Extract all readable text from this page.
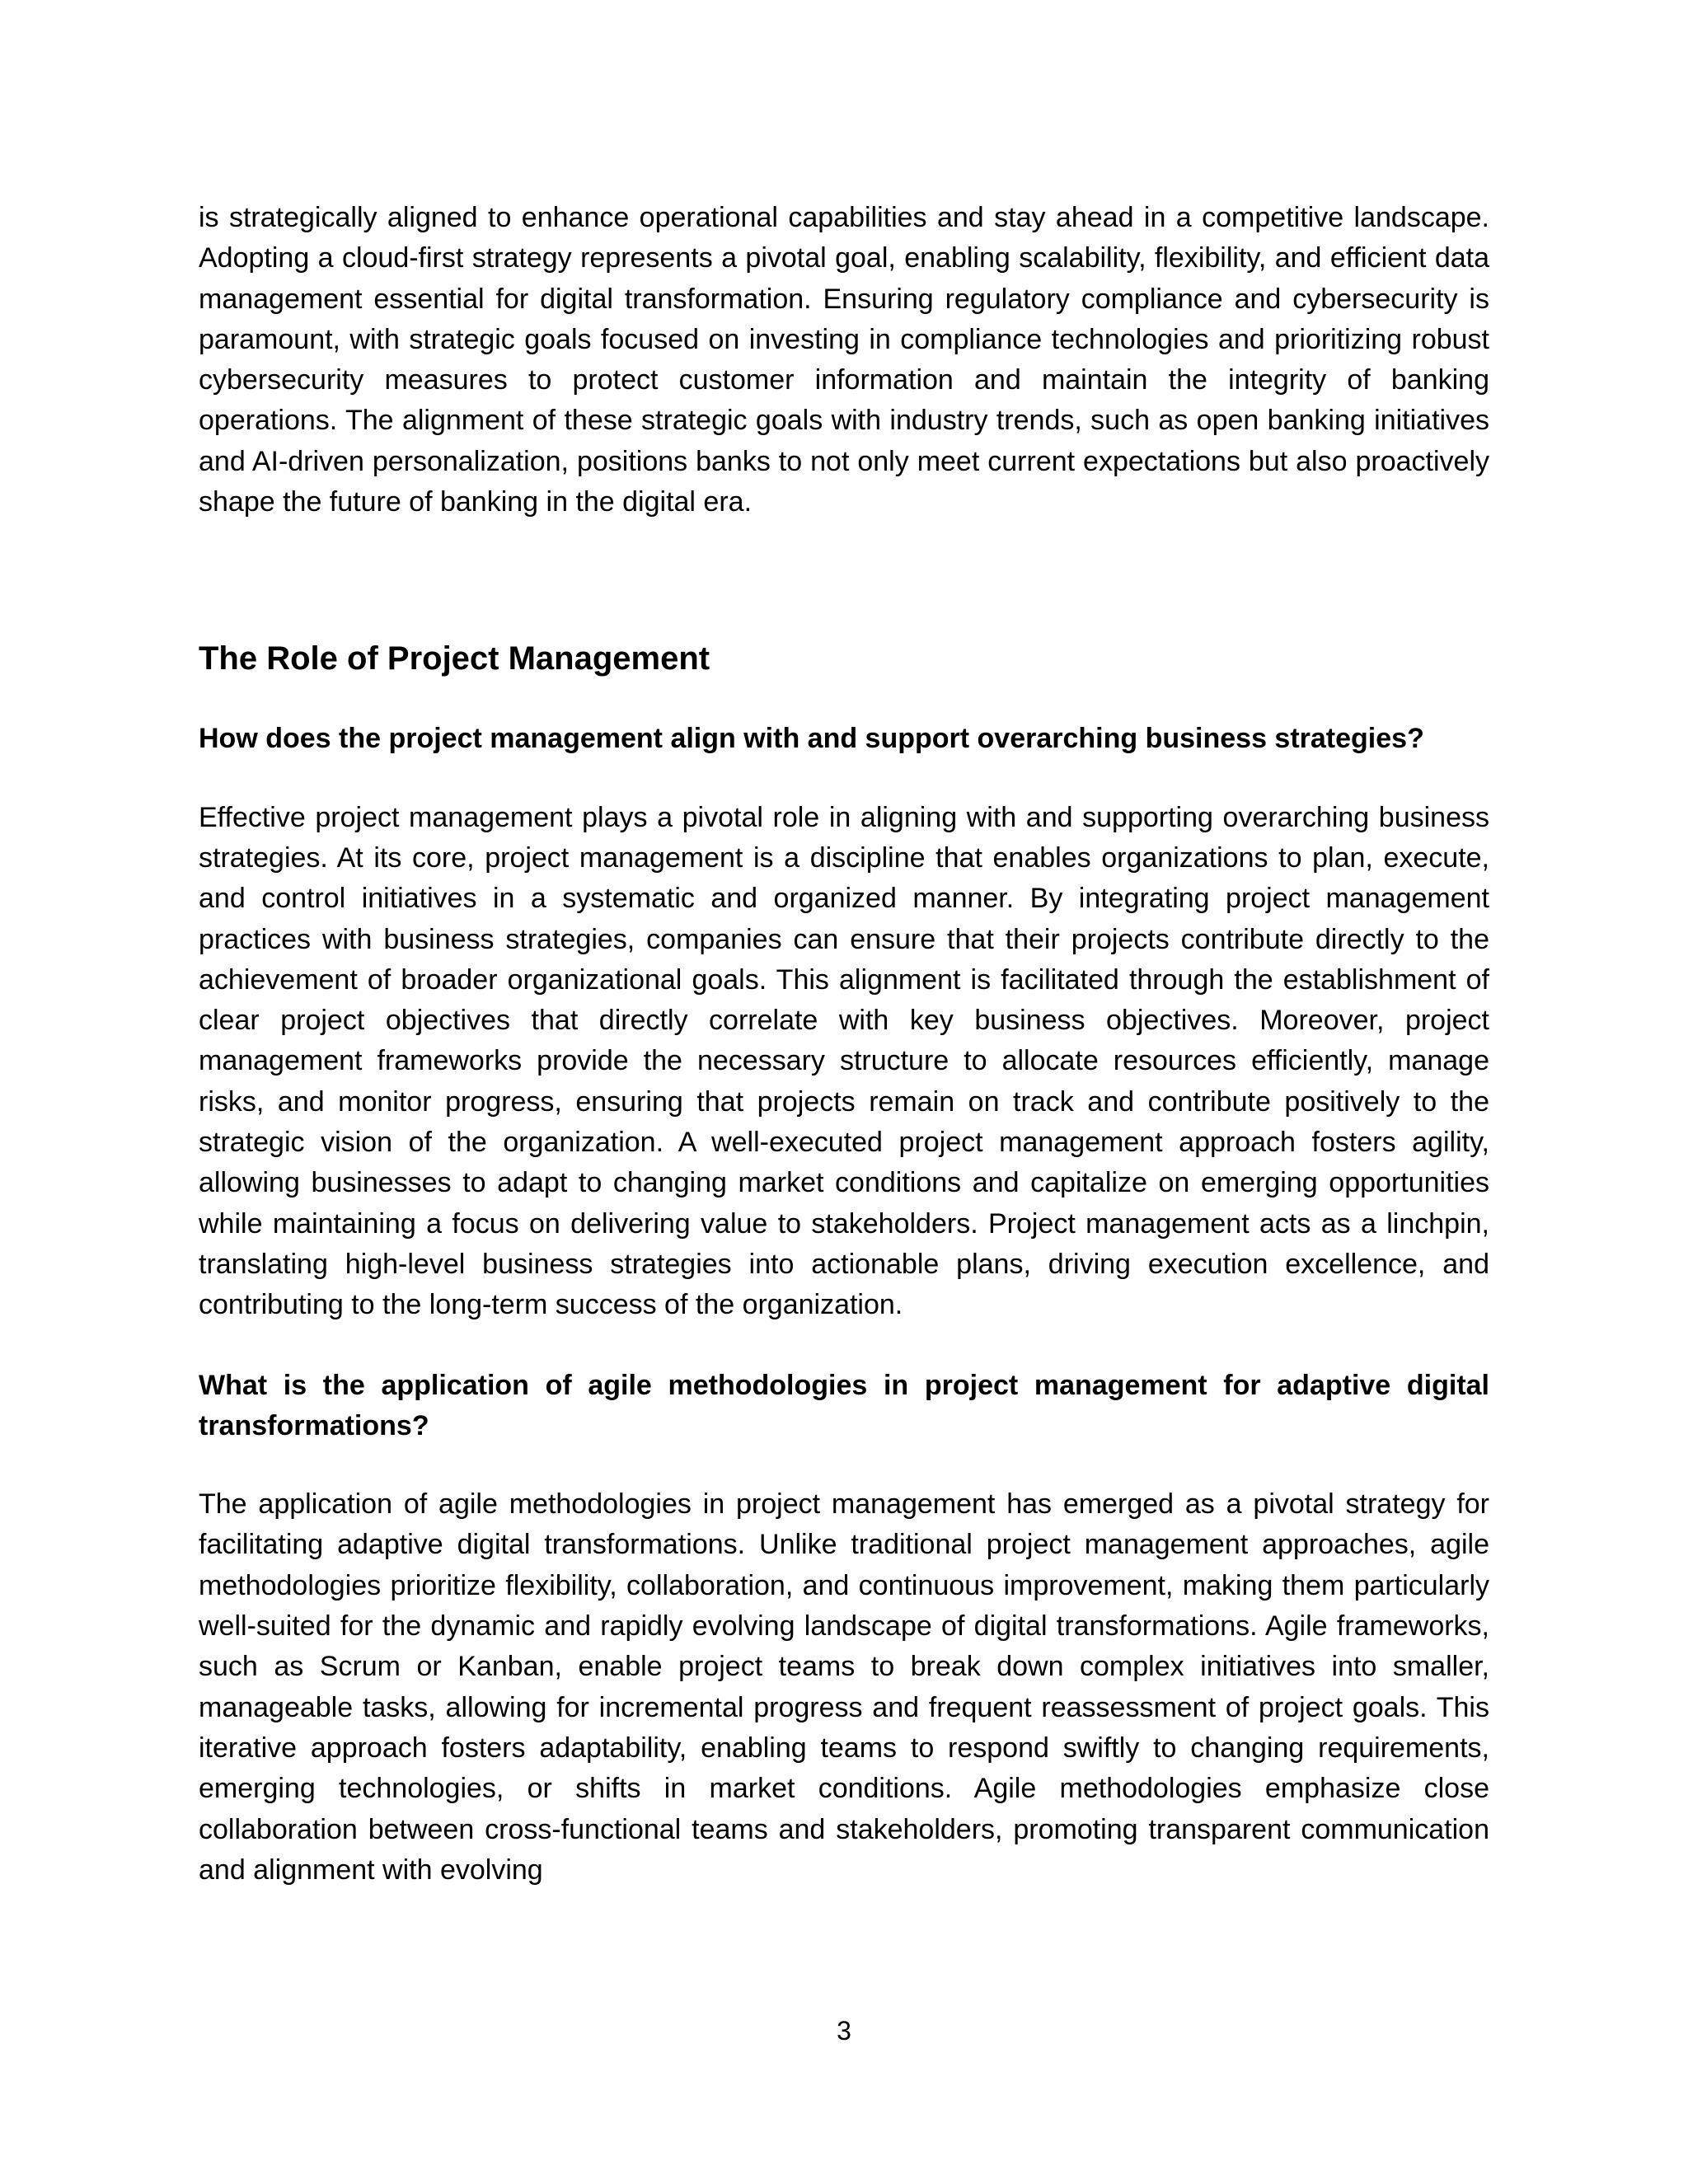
is strategically aligned to enhance operational capabilities and stay ahead in a competitive landscape. Adopting a cloud-first strategy represents a pivotal goal, enabling scalability, flexibility, and efficient data management essential for digital transformation. Ensuring regulatory compliance and cybersecurity is paramount, with strategic goals focused on investing in compliance technologies and prioritizing robust cybersecurity measures to protect customer information and maintain the integrity of banking operations. The alignment of these strategic goals with industry trends, such as open banking initiatives and AI-driven personalization, positions banks to not only meet current expectations but also proactively shape the future of banking in the digital era.

The Role of Project Management

How does the project management align with and support overarching business strategies?

Effective project management plays a pivotal role in aligning with and supporting overarching business strategies. At its core, project management is a discipline that enables organizations to plan, execute, and control initiatives in a systematic and organized manner. By integrating project management practices with business strategies, companies can ensure that their projects contribute directly to the achievement of broader organizational goals. This alignment is facilitated through the establishment of clear project objectives that directly correlate with key business objectives. Moreover, project management frameworks provide the necessary structure to allocate resources efficiently, manage risks, and monitor progress, ensuring that projects remain on track and contribute positively to the strategic vision of the organization. A well-executed project management approach fosters agility, allowing businesses to adapt to changing market conditions and capitalize on emerging opportunities while maintaining a focus on delivering value to stakeholders. Project management acts as a linchpin, translating high-level business strategies into actionable plans, driving execution excellence, and contributing to the long-term success of the organization.

What is the application of agile methodologies in project management for adaptive digital transformations?

The application of agile methodologies in project management has emerged as a pivotal strategy for facilitating adaptive digital transformations. Unlike traditional project management approaches, agile methodologies prioritize flexibility, collaboration, and continuous improvement, making them particularly well-suited for the dynamic and rapidly evolving landscape of digital transformations. Agile frameworks, such as Scrum or Kanban, enable project teams to break down complex initiatives into smaller, manageable tasks, allowing for incremental progress and frequent reassessment of project goals. This iterative approach fosters adaptability, enabling teams to respond swiftly to changing requirements, emerging technologies, or shifts in market conditions. Agile methodologies emphasize close collaboration between cross-functional teams and stakeholders, promoting transparent communication and alignment with evolving

3
